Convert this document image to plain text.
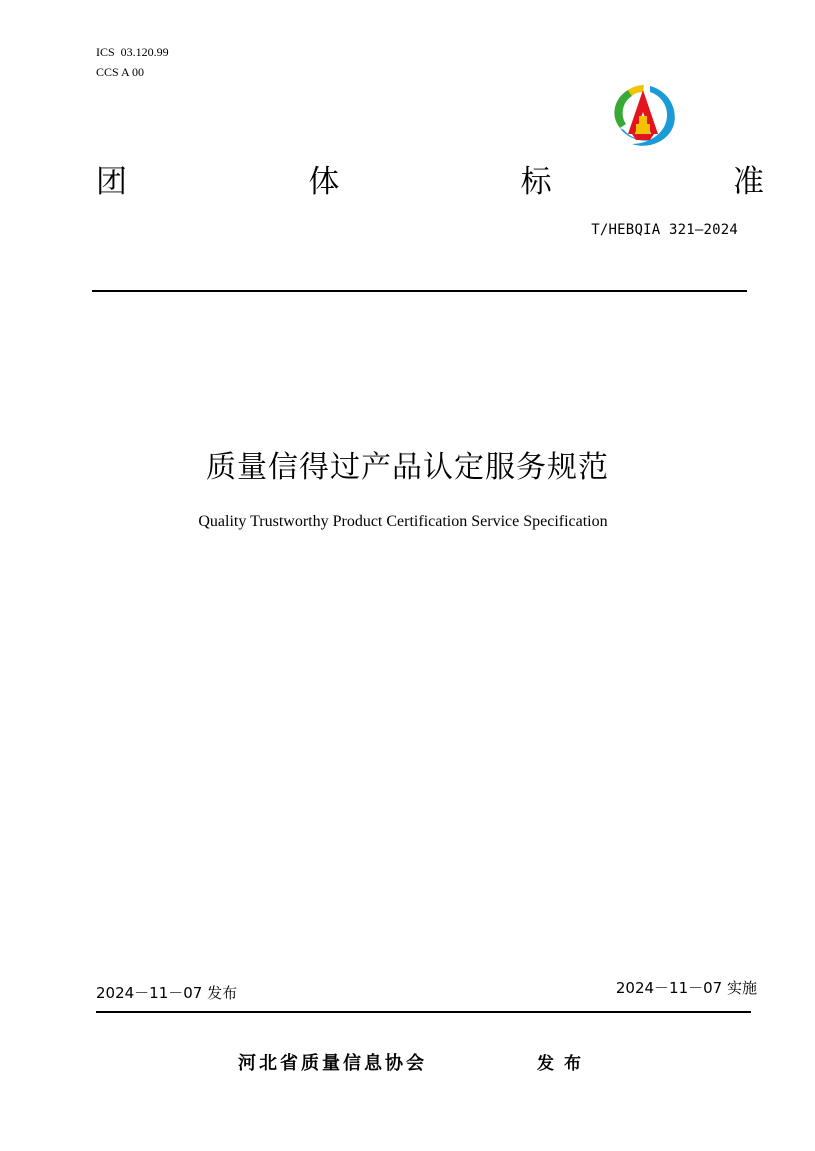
ICS  03.120.99
CCS A 00
团	体	标	准
T/HEBQIA 321—2024
质量信得过产品认定服务规范
Quality Trustworthy Product Certification Service Specification
2024－11－07 发布	2024－11－07 实施
河北省质量信息协会	发布
